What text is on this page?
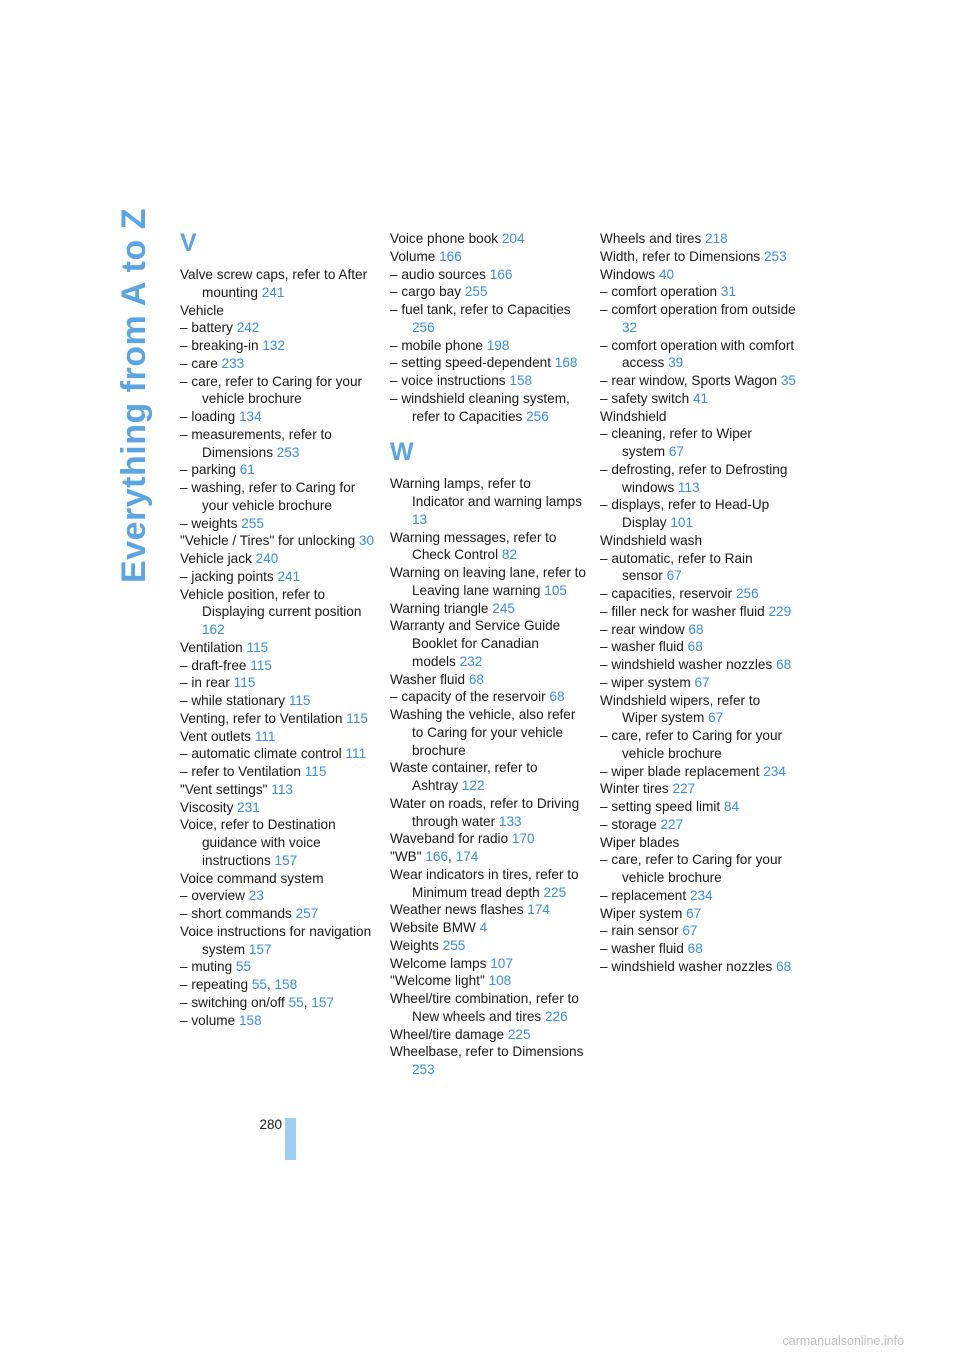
Everything from A to Z V
Valve screw caps, refer to After mounting 241
Vehicle
– battery 242
– breaking-in 132
– care 233
– care, refer to Caring for your vehicle brochure
– loading 134
– measurements, refer to Dimensions 253
– parking 61
– washing, refer to Caring for your vehicle brochure
– weights 255
"Vehicle / Tires" for unlocking 30
Vehicle jack 240
– jacking points 241
Vehicle position, refer to Displaying current position 162
Ventilation 115
– draft-free 115
– in rear 115
– while stationary 115
Venting, refer to Ventilation 115
Vent outlets 111
– automatic climate control 111
– refer to Ventilation 115
"Vent settings" 113
Viscosity 231
Voice, refer to Destination guidance with voice instructions 157
Voice command system
– overview 23
– short commands 257
Voice instructions for navigation system 157
– muting 55
– repeating 55, 158
– switching on/off 55, 157
– volume 158
Voice phone book 204
Volume 166
– audio sources 166
– cargo bay 255
– fuel tank, refer to Capacities 256
– mobile phone 198
– setting speed-dependent 168
– voice instructions 158
– windshield cleaning system, refer to Capacities 256
W
Warning lamps, refer to Indicator and warning lamps 13
Warning messages, refer to Check Control 82
Warning on leaving lane, refer to Leaving lane warning 105
Warning triangle 245
Warranty and Service Guide Booklet for Canadian models 232
Washer fluid 68
– capacity of the reservoir 68
Washing the vehicle, also refer to Caring for your vehicle brochure
Waste container, refer to Ashtray 122
Water on roads, refer to Driving through water 133
Waveband for radio 170
"WB" 166, 174
Wear indicators in tires, refer to Minimum tread depth 225
Weather news flashes 174
Website BMW 4
Weights 255
Welcome lamps 107
"Welcome light" 108
Wheel/tire combination, refer to New wheels and tires 226
Wheel/tire damage 225
Wheelbase, refer to Dimensions 253
Wheels and tires 218
Width, refer to Dimensions 253
Windows 40
– comfort operation 31
– comfort operation from outside 32
– comfort operation with comfort access 39
– rear window, Sports Wagon 35
– safety switch 41
Windshield
– cleaning, refer to Wiper system 67
– defrosting, refer to Defrosting windows 113
– displays, refer to Head-Up Display 101
Windshield wash
– automatic, refer to Rain sensor 67
– capacities, reservoir 256
– filler neck for washer fluid 229
– rear window 68
– washer fluid 68
– windshield washer nozzles 68
– wiper system 67
Windshield wipers, refer to Wiper system 67
– care, refer to Caring for your vehicle brochure
– wiper blade replacement 234
Winter tires 227
– setting speed limit 84
– storage 227
Wiper blades
– care, refer to Caring for your vehicle brochure
– replacement 234
Wiper system 67
– rain sensor 67
– washer fluid 68
– windshield washer nozzles 68
280
carmanualsonline.info
